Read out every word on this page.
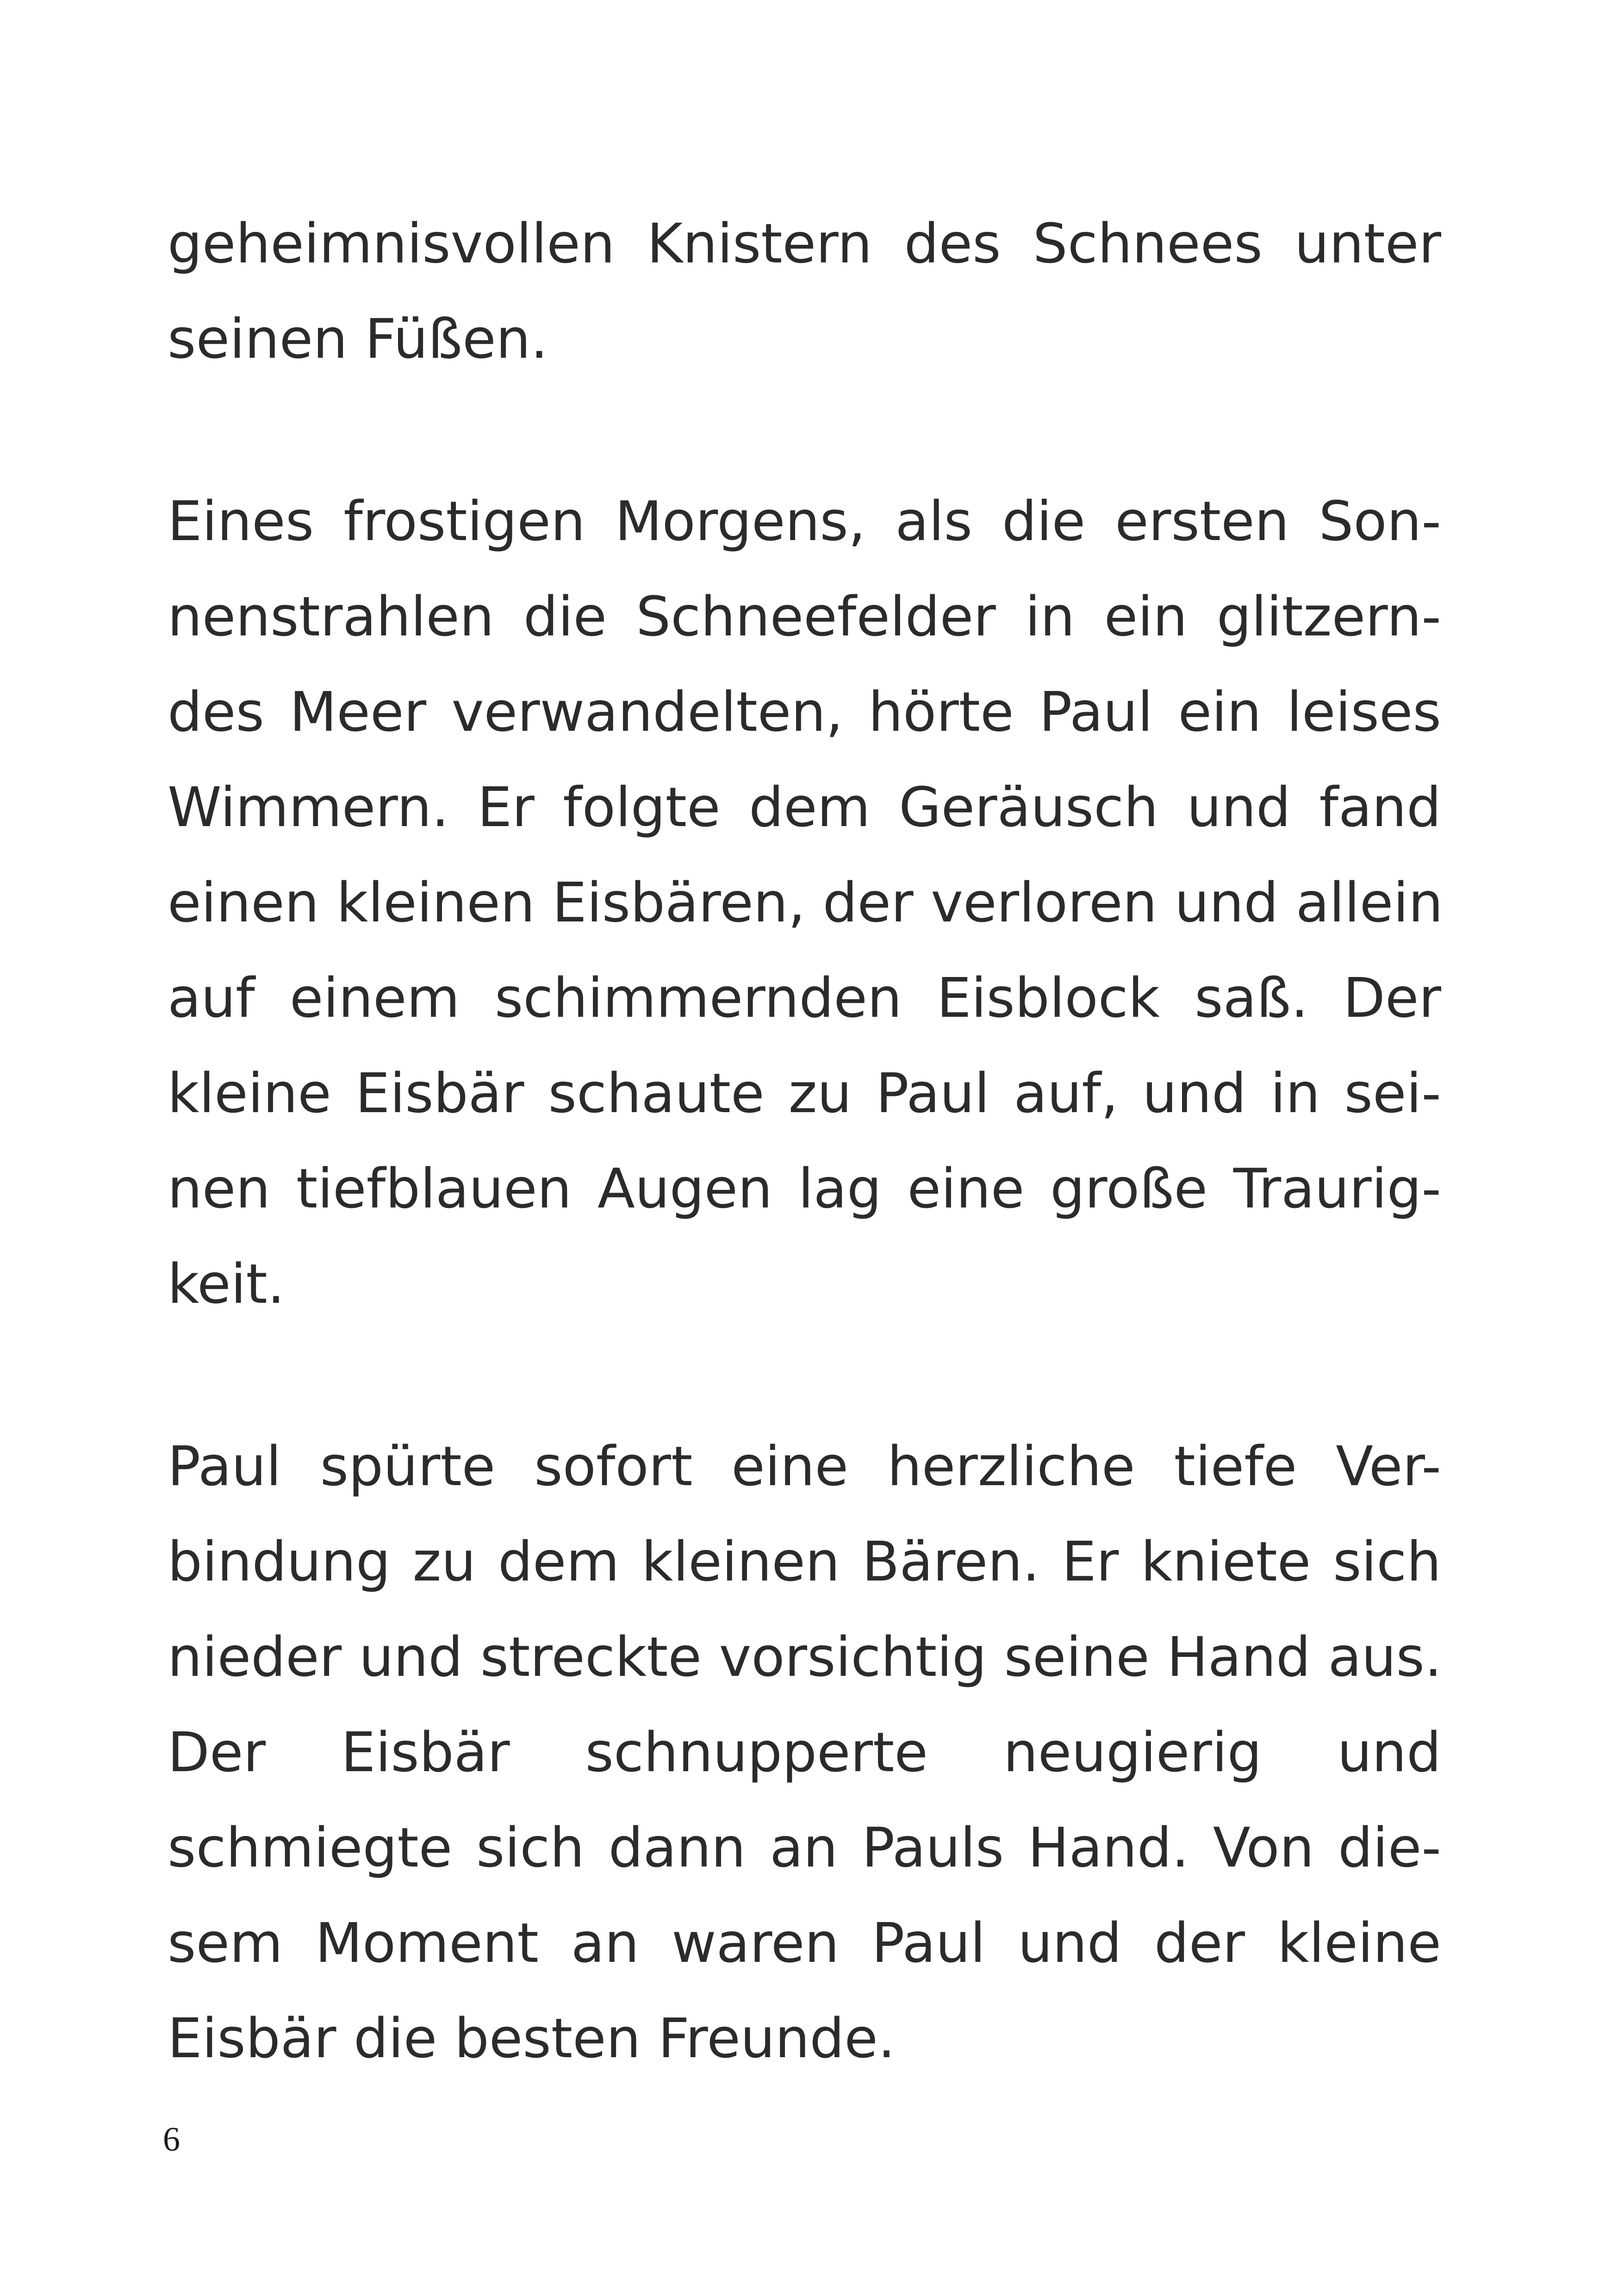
geheimnisvollen Knistern des Schnees unter
seinen Füßen.
Eines frostigen Morgens, als die ersten Son-
nenstrahlen die Schneefelder in ein glitzern-
des Meer verwandelten, hörte Paul ein leises
Wimmern. Er folgte dem Geräusch und fand
einen kleinen Eisbären, der verloren und allein
auf einem schimmernden Eisblock saß. Der
kleine Eisbär schaute zu Paul auf, und in sei-
nen tiefblauen Augen lag eine große Traurig-
keit.
Paul spürte sofort eine herzliche tiefe Ver-
bindung zu dem kleinen Bären. Er kniete sich
nieder und streckte vorsichtig seine Hand aus.
Der Eisbär schnupperte neugierig und
schmiegte sich dann an Pauls Hand. Von die-
sem Moment an waren Paul und der kleine
Eisbär die besten Freunde.
6
